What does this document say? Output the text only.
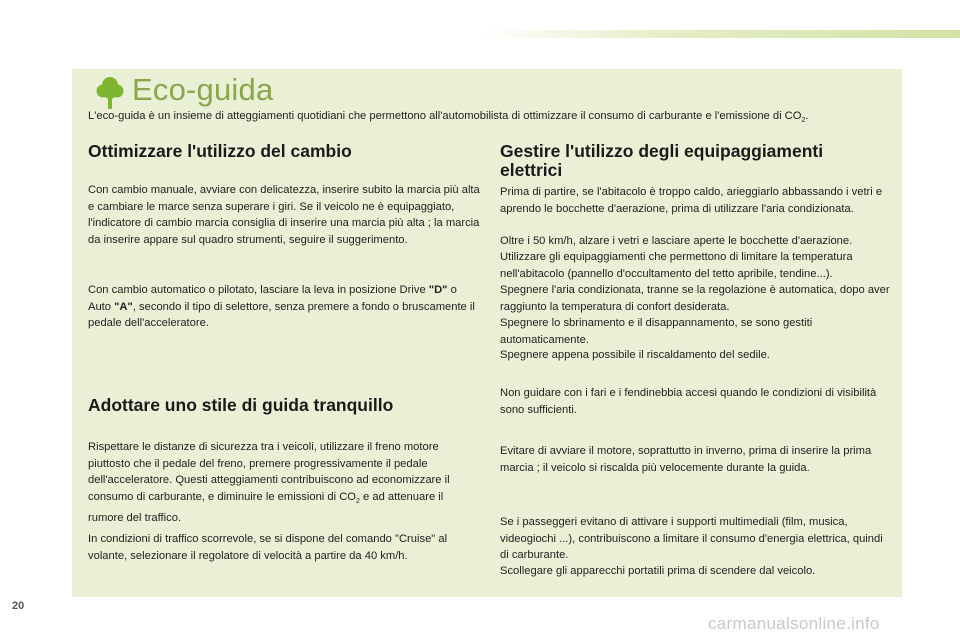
Eco-guida
L'eco-guida è un insieme di atteggiamenti quotidiani che permettono all'automobilista di ottimizzare il consumo di carburante e l'emissione di $CO_2$.
Ottimizzare l'utilizzo del cambio
Con cambio manuale, avviare con delicatezza, inserire subito la marcia più alta e cambiare le marce senza superare i giri. Se il veicolo ne è equipaggiato, l'indicatore di cambio marcia consiglia di inserire una marcia più alta ; la marcia da inserire appare sul quadro strumenti, seguire il suggerimento.
Con cambio automatico o pilotato, lasciare la leva in posizione Drive "D" o Auto "A", secondo il tipo di selettore, senza premere a fondo o bruscamente il pedale dell'acceleratore.
Adottare uno stile di guida tranquillo
Rispettare le distanze di sicurezza tra i veicoli, utilizzare il freno motore piuttosto che il pedale del freno, premere progressivamente il pedale dell'acceleratore. Questi atteggiamenti contribuiscono ad economizzare il consumo di carburante, e diminuire le emissioni di $CO_2$ e ad attenuare il rumore del traffico.
In condizioni di traffico scorrevole, se si dispone del comando "Cruise" al volante, selezionare il regolatore di velocità a partire da 40 km/h.
Gestire l'utilizzo degli equipaggiamenti elettrici
Prima di partire, se l'abitacolo è troppo caldo, arieggiarlo abbassando i vetri e aprendo le bocchette d'aerazione, prima di utilizzare l'aria condizionata.
Oltre i 50 km/h, alzare i vetri e lasciare aperte le bocchette d'aerazione.
Utilizzare gli equipaggiamenti che permettono di limitare la temperatura nell'abitacolo (pannello d'occultamento del tetto apribile, tendine...).
Spegnere l'aria condizionata, tranne se la regolazione è automatica, dopo aver raggiunto la temperatura di confort desiderata.
Spegnere lo sbrinamento e il disappannamento, se sono gestiti automaticamente.
Spegnere appena possibile il riscaldamento del sedile.
Non guidare con i fari e i fendinebbia accesi quando le condizioni di visibilità sono sufficienti.
Evitare di avviare il motore, soprattutto in inverno, prima di inserire la prima marcia ; il veicolo si riscalda più velocemente durante la guida.
Se i passeggeri evitano di attivare i supporti multimediali (film, musica, videogiochi ...), contribuiscono a limitare il consumo d'energia elettrica, quindi di carburante.
Scollegare gli apparecchi portatili prima di scendere dal veicolo.
20
carmanualsonline.info
